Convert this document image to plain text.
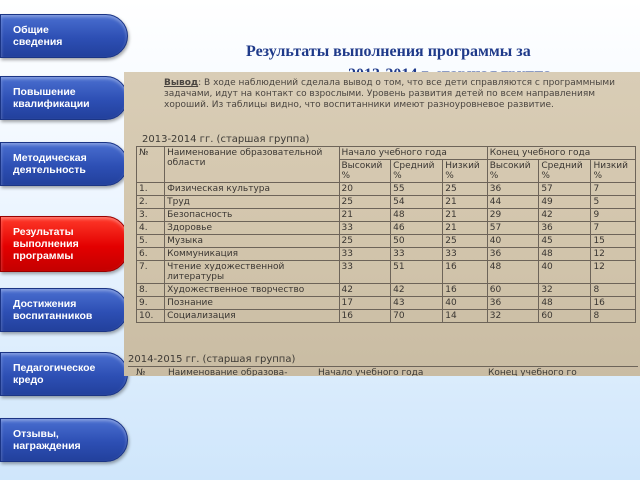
Общие
сведения
Повышение
квалификации
Методическая
деятельность
Результаты
выполнения
программы
Достижения
воспитанников
Педагогическое
кредо
Отзывы,
награждения
Результаты выполнения программы за
Вывод: В ходе наблюдений сделала вывод о том, что все дети справляются с программными задачами, идут на контакт со взрослыми. Уровень развития детей по всем направлениям хороший. Из таблицы видно, что воспитанники имеют разноуровневое развитие.
2013-2014 гг. (старшая группа)
№	Наименование образовательной области	Начало учебного года			Конец учебного года		
		Высокий %	Средний %	Низкий %	Высокий %	Средний %	Низкий %
1.	Физическая культура	20	55	25	36	57	7
2.	Труд	25	54	21	44	49	5
3.	Безопасность	21	48	21	29	42	9
4.	Здоровье	33	46	21	57	36	7
5.	Музыка	25	50	25	40	45	15
6.	Коммуникация	33	33	33	36	48	12
7.	Чтение художественной литературы	33	51	16	48	40	12
8.	Художественное творчество	42	42	16	60	32	8
9.	Познание	17	43	40	36	48	16
10.	Социализация	16	70	14	32	60	8
2014-2015 гг. (старшая группа)
№	Наименование образова-	Начало учебного года	Конец учебного го
